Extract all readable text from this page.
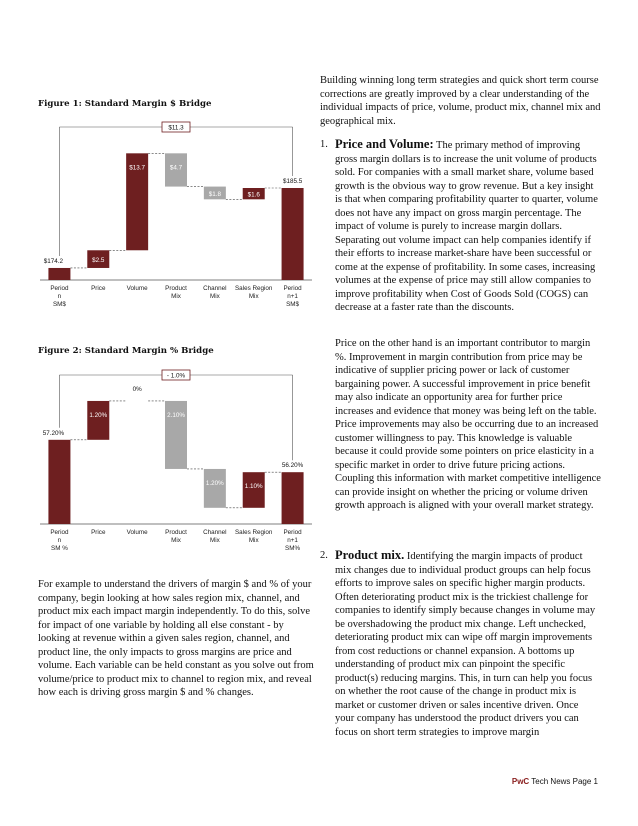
Figure 1: Standard Margin $ Bridge
$174.2
Period
n
SM$
$2.5
Price
$13.7
Volume
$4.7
Product
Mix
$1.8
Channel
Mix
$1.6
Sales Region
Mix
$185.5
Period
n+1
SM$
$11.3
Figure 2: Standard Margin % Bridge
57.20%
Period
n
SM %
1.20%
Price
0%
Volume
2.10%
Product
Mix
1.20%
Channel
Mix
1.10%
Sales Region
Mix
56.20%
Period
n+1
SM%
- 1.0%

For example to understand the drivers of margin $ and % of your company, begin looking at how sales region mix, channel, and product mix each impact margin independently. To do this, solve for impact of one variable by holding all else constant - by looking at revenue within a given sales region, channel, and product line, the only impacts to gross margins are price and volume. Each variable can be held constant as you solve out from volume/price to product mix to channel to region mix, and reveal how each is driving gross margin $ and % changes.

Building winning long term strategies and quick short term course corrections are greatly improved by a clear understanding of the individual impacts of price, volume, product mix, channel mix and geographical mix.

1. Price and Volume: The primary method of improving gross margin dollars is to increase the unit volume of products sold. For companies with a small market share, volume based growth is the obvious way to grow revenue. But a key insight is that when comparing profitability quarter to quarter, volume does not have any impact on gross margin percentage. The impact of volume is purely to increase margin dollars. Separating out volume impact can help companies identify if their efforts to increase market-share have been successful or come at the expense of profitability. In some cases, increasing volumes at the expense of price may still allow companies to improve profitability when Cost of Goods Sold (COGS) can decrease at a faster rate than the discounts.

Price on the other hand is an important contributor to margin %. Improvement in margin contribution from price may be indicative of supplier pricing power or lack of customer bargaining power. A successful improvement in price benefit may also indicate an opportunity area for further price increases and evidence that money was being left on the table. Price improvements may also be occurring due to an increased customer willingness to pay. This knowledge is valuable because it could provide some pointers on price elasticity in a specific market in order to drive future pricing actions. Coupling this information with market competitive intelligence can provide insight on whether the pricing or volume driven growth approach is aligned with your overall market strategy.

2. Product mix. Identifying the margin impacts of product mix changes due to individual product groups can help focus efforts to improve sales on specific higher margin products. Often deteriorating product mix is the trickiest challenge for companies to identify simply because changes in volume may be overshadowing the product mix change. Left unchecked, deteriorating product mix can wipe off margin improvements from cost reductions or channel expansion. A bottoms up understanding of product mix can pinpoint the specific product(s) reducing margins. This, in turn can help you focus on whether the root cause of the change in product mix is market or customer driven or sales incentive driven. Once your company has understood the product drivers you can focus on short term strategies to improve margin
PwC Tech News Page 1
